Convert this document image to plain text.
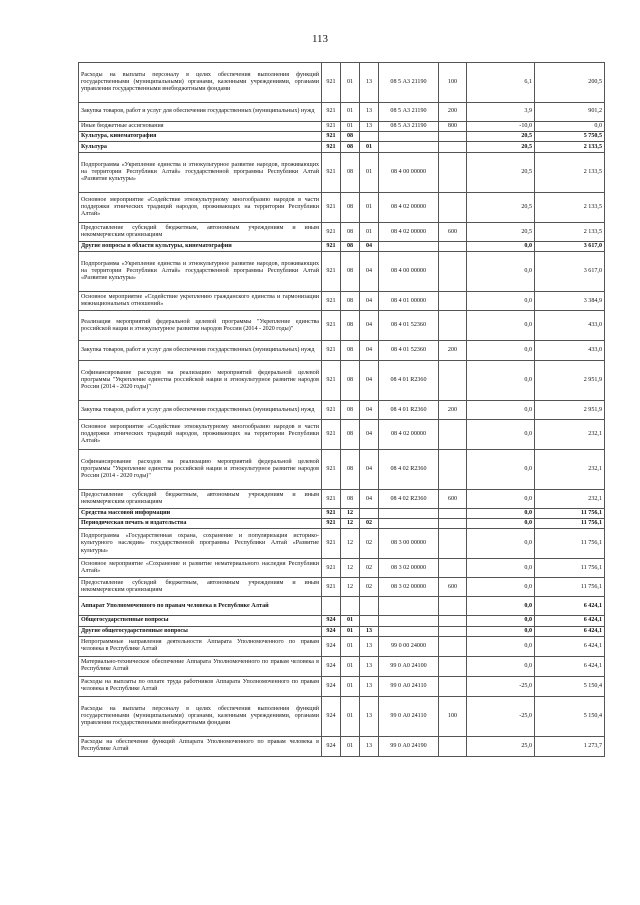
113
Расходы на выплаты персоналу в целях обеспечения выполнения функций государственными (муниципальными) органами, казенными учреждениями, органами управления государственными внебюджетными фондами	921	01	13	08 5 А3 21190	100	6,1	200,5
Закупка товаров, работ и услуг для обеспечения государственных (муниципальных) нужд	921	01	13	08 5 А3 21190	200	3,9	901,2
Иные бюджетные ассигнования	921	01	13	08 5 А3 21190	800	-10,0	0,0
Культура, кинематография	921	08				20,5	5 750,5
Культура	921	08	01			20,5	2 133,5
Подпрограмма «Укрепление единства и этнокультурное развитие народов, проживающих на территории Республики Алтай» государственной программы Республики Алтай «Развитие культуры»	921	08	01	08 4 00 00000		20,5	2 133,5
Основное мероприятие «Содействие этнокультурному многообразию народов в части поддержки этнических традиций народов, проживающих на территории Республики Алтай»	921	08	01	08 4 02 00000		20,5	2 133,5
Предоставление субсидий бюджетным, автономным учреждениям и иным некоммерческим организациям	921	08	01	08 4 02 00000	600	20,5	2 133,5
Другие вопросы в области культуры, кинематографии	921	08	04			0,0	3 617,0
Подпрограмма «Укрепление единства и этнокультурное развитие народов, проживающих на территории Республики Алтай» государственной программы Республики Алтай «Развитие культуры»	921	08	04	08 4 00 00000		0,0	3 617,0
Основное мероприятие «Содействие укреплению гражданского единства и гармонизации межнациональных отношений»	921	08	04	08 4 01 00000		0,0	3 384,9
Реализация мероприятий федеральной целевой программы "Укрепление единства российской нации и этнокультурное развитие народов России (2014 - 2020 годы)"	921	08	04	08 4 01 52360		0,0	433,0
Закупка товаров, работ и услуг для обеспечения государственных (муниципальных) нужд	921	08	04	08 4 01 52360	200	0,0	433,0
Софинансирование расходов на реализацию мероприятий федеральной целевой программы "Укрепление единства российской нации и этнокультурное развитие народов России (2014 - 2020 годы)"	921	08	04	08 4 01 R2360		0,0	2 951,9
Закупка товаров, работ и услуг для обеспечения государственных (муниципальных) нужд	921	08	04	08 4 01 R2360	200	0,0	2 951,9
Основное мероприятие «Содействие этнокультурному многообразию народов в части поддержки этнических традиций народов, проживающих на территории Республики Алтай»	921	08	04	08 4 02 00000		0,0	232,1
Софинансирование расходов на реализацию мероприятий федеральной целевой программы "Укрепление единства российской нации и этнокультурное развитие народов России (2014 - 2020 годы)"	921	08	04	08 4 02 R2360		0,0	232,1
Предоставление субсидий бюджетным, автономным учреждениям и иным некоммерческим организациям	921	08	04	08 4 02 R2360	600	0,0	232,1
Средства массовой информации	921	12				0,0	11 756,1
Периодическая печать и издательства	921	12	02			0,0	11 756,1
Подпрограмма «Государственная охрана, сохранение и популяризация историко-культурного наследия» государственной программы Республики Алтай «Развитие культуры»	921	12	02	08 3 00 00000		0,0	11 756,1
Основное мероприятие «Сохранение и развитие нематериального наследия Республики Алтай»	921	12	02	08 3 02 00000		0,0	11 756,1
Предоставление субсидий бюджетным, автономным учреждениям и иным некоммерческим организациям	921	12	02	08 3 02 00000	600	0,0	11 756,1
Аппарат Уполномоченного по правам человека в Республике Алтай						0,0	6 424,1
Общегосударственные вопросы	924	01				0,0	6 424,1
Другие общегосударственные вопросы	924	01	13			0,0	6 424,1
Непрограммные направления деятельности Аппарата Уполномоченного по правам человека в Республике Алтай	924	01	13	99 0 00 24000		0,0	6 424,1
Материально-техническое обеспечение Аппарата Уполномоченного по правам человека в Республике Алтай	924	01	13	99 0 А0 24100		0,0	6 424,1
Расходы на выплаты по оплате труда работников Аппарата Уполномоченного по правам человека в Республике Алтай	924	01	13	99 0 А0 24110		-25,0	5 150,4
Расходы на выплаты персоналу в целях обеспечения выполнения функций государственными (муниципальными) органами, казенными учреждениями, органами управления государственными внебюджетными фондами	924	01	13	99 0 А0 24110	100	-25,0	5 150,4
Расходы на обеспечение функций Аппарата Уполномоченного по правам человека в Республике Алтай	924	01	13	99 0 А0 24190		25,0	1 273,7
